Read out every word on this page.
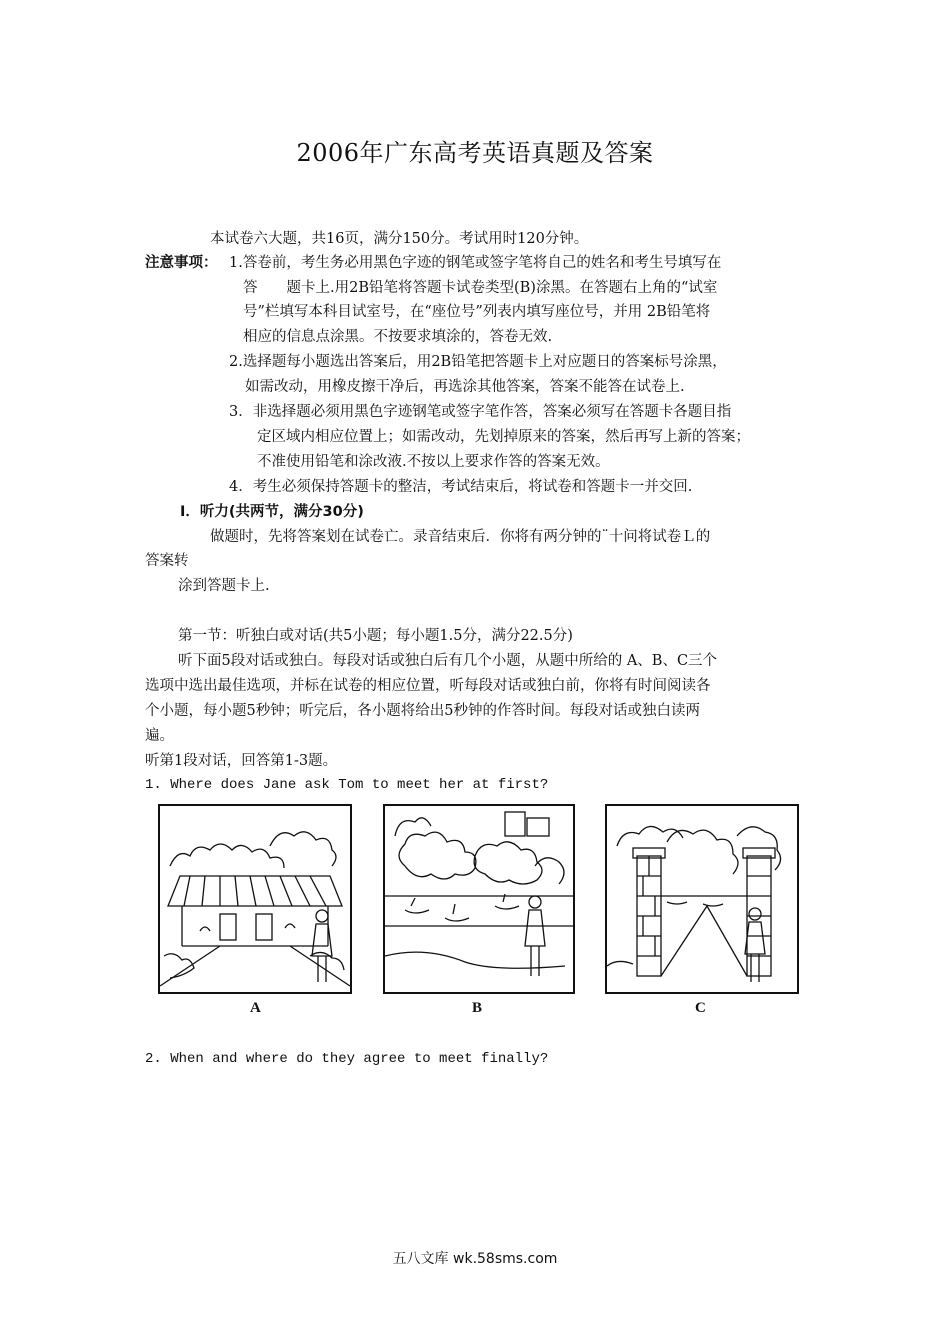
2006年广东高考英语真题及答案
本试卷六大题，共16页，满分150分。考试用时120分钟。
注意事项： 1.答卷前，考生务必用黑色字迹的钢笔或签字笔将自己的姓名和考生号填写在
答　　题卡上.用2B铅笔将答题卡试卷类型(B)涂黑。在答题右上角的“试室
号”栏填写本科目试室号，在“座位号”列表内填写座位号，并用 2B铅笔将
相应的信息点涂黑。不按要求填涂的，答卷无效.
2.选择题每小题选出答案后，用2B铅笔把答题卡上对应题日的答案标号涂黑，
如需改动，用橡皮擦干净后，再选涂其他答案，答案不能答在试卷上.
3．非选择题必须用黑色字迹钢笔或签字笔作答，答案必须写在答题卡各题目指
定区域内相应位置上；如需改动，先划掉原来的答案，然后再写上新的答案；
不准使用铅笔和涂改液.不按以上要求作答的答案无效。
4．考生必须保持答题卡的整洁，考试结束后，将试卷和答题卡一并交回.
Ⅰ．听力(共两节，满分30分)
做题时，先将答案划在试卷亡。录音结束后．你将有两分钟的¨十问将试卷Ｌ的
答案转
涂到答题卡上.
第一节：听独白或对话(共5小题；每小题1.5分，满分22.5分)
听下面5段对话或独白。每段对话或独白后有几个小题，从题中所给的 A、B、C三个
选项中选出最佳选项，并标在试卷的相应位置，听每段对话或独白前，你将有时间阅读各
个小题，每小题5秒钟；听完后，各小题将给出5秒钟的作答时间。每段对话或独白读两
遍。
听第1段对话，回答第1-3题。
1. Where does Jane ask Tom to meet her at first?
A	B	C
2. When and where do they agree to meet finally?
五八文库 wk.58sms.com
